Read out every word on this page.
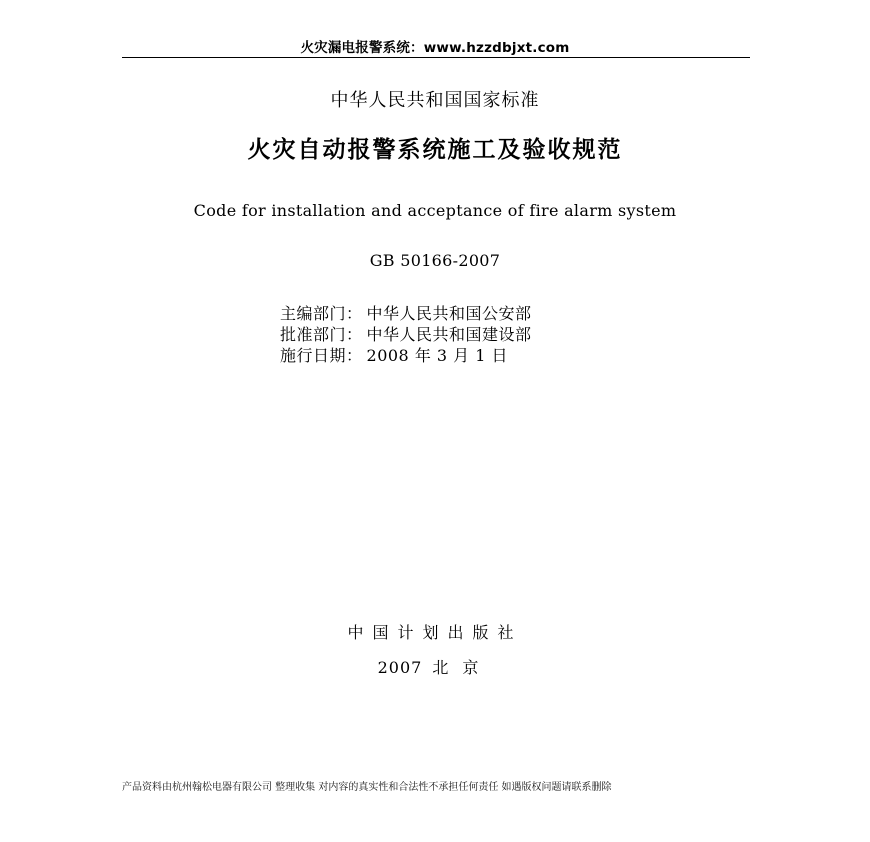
火灾漏电报警系统：www.hzzdbjxt.com
中华人民共和国国家标准
火灾自动报警系统施工及验收规范
Code for installation and acceptance of fire alarm system
GB 50166-2007
主编部门： 中华人民共和国公安部
批准部门： 中华人民共和国建设部
施行日期： 2008 年 3 月 1 日
中国计划出版社
2007 北京
产品资料由杭州翰松电器有限公司 整理收集 对内容的真实性和合法性不承担任何责任 如遇版权问题请联系删除
